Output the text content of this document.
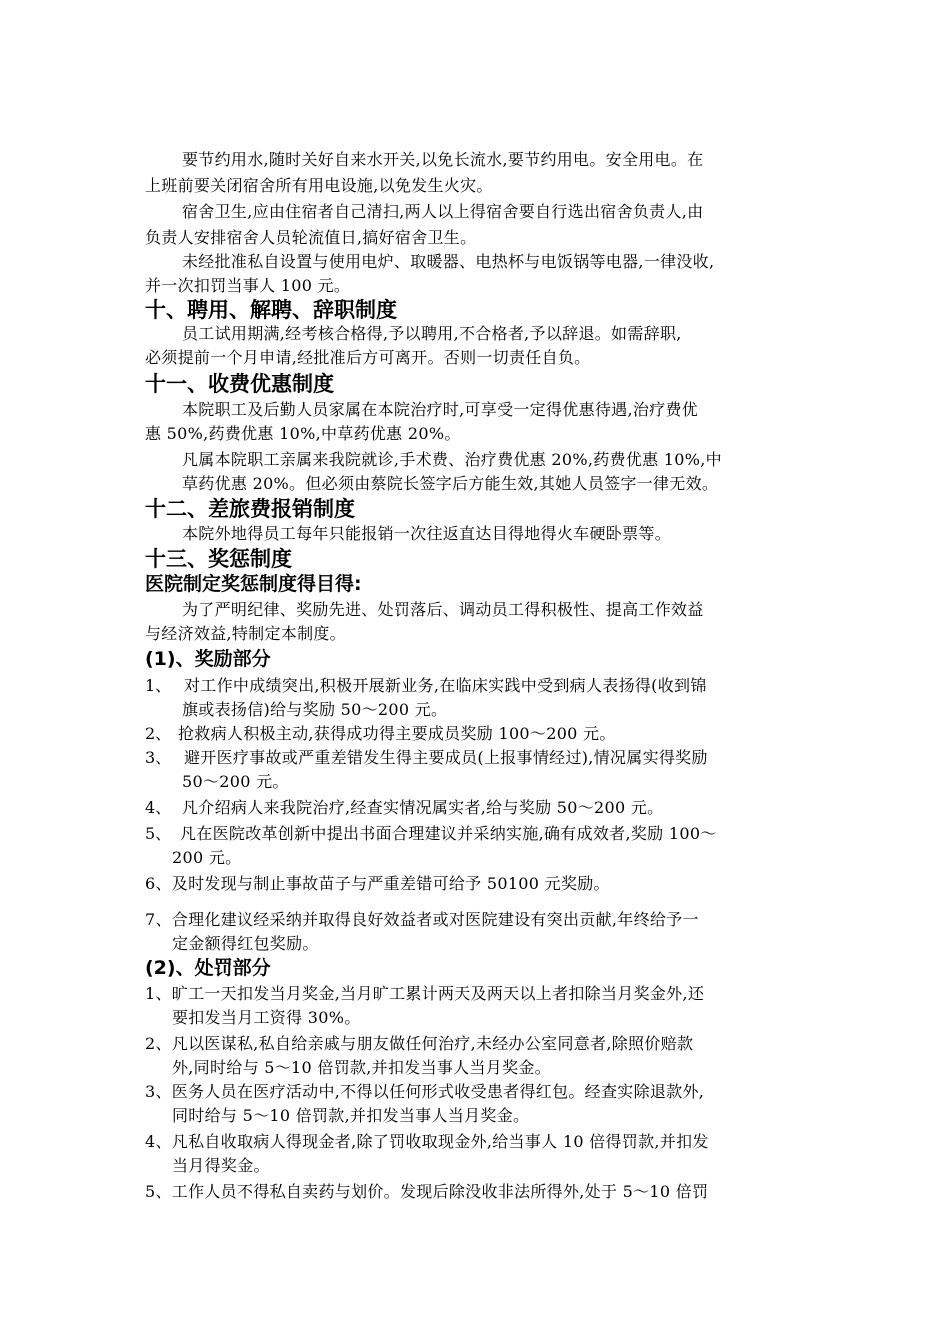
要节约用水,随时关好自来水开关,以免长流水,要节约用电。安全用电。在
上班前要关闭宿舍所有用电设施,以免发生火灾。
宿舍卫生,应由住宿者自己清扫,两人以上得宿舍要自行选出宿舍负责人,由
负责人安排宿舍人员轮流值日,搞好宿舍卫生。
未经批准私自设置与使用电炉、取暖器、电热杯与电饭锅等电器,一律没收,
并一次扣罚当事人 100 元。
十、聘用、解聘、辞职制度
员工试用期满,经考核合格得,予以聘用,不合格者,予以辞退。如需辞职,
必须提前一个月申请,经批准后方可离开。否则一切责任自负。
十一、收费优惠制度
本院职工及后勤人员家属在本院治疗时,可享受一定得优惠待遇,治疗费优
惠 50%,药费优惠 10%,中草药优惠 20%。
凡属本院职工亲属来我院就诊,手术费、治疗费优惠 20%,药费优惠 10%,中
草药优惠 20%。但必须由蔡院长签字后方能生效,其她人员签字一律无效。
十二、差旅费报销制度
本院外地得员工每年只能报销一次往返直达目得地得火车硬卧票等。
十三、奖惩制度
医院制定奖惩制度得目得:
为了严明纪律、奖励先进、处罚落后、调动员工得积极性、提高工作效益
与经济效益,特制定本制度。
(1)、奖励部分
1、 对工作中成绩突出,积极开展新业务,在临床实践中受到病人表扬得(收到锦
旗或表扬信)给与奖励 50～200 元。
2、 抢救病人积极主动,获得成功得主要成员奖励 100～200 元。
3、 避开医疗事故或严重差错发生得主要成员(上报事情经过),情况属实得奖励
50～200 元。
4、 凡介绍病人来我院治疗,经查实情况属实者,给与奖励 50～200 元。
5、 凡在医院改革创新中提出书面合理建议并采纳实施,确有成效者,奖励 100～
200 元。
6、及时发现与制止事故苗子与严重差错可给予 50100 元奖励。
7、合理化建议经采纳并取得良好效益者或对医院建设有突出贡献,年终给予一
定金额得红包奖励。
(2)、处罚部分
1、旷工一天扣发当月奖金,当月旷工累计两天及两天以上者扣除当月奖金外,还
要扣发当月工资得 30%。
2、凡以医谋私,私自给亲戚与朋友做任何治疗,未经办公室同意者,除照价赔款
外,同时给与 5～10 倍罚款,并扣发当事人当月奖金。
3、医务人员在医疗活动中,不得以任何形式收受患者得红包。经查实除退款外,
同时给与 5～10 倍罚款,并扣发当事人当月奖金。
4、凡私自收取病人得现金者,除了罚收取现金外,给当事人 10 倍得罚款,并扣发
当月得奖金。
5、工作人员不得私自卖药与划价。发现后除没收非法所得外,处于 5～10 倍罚
